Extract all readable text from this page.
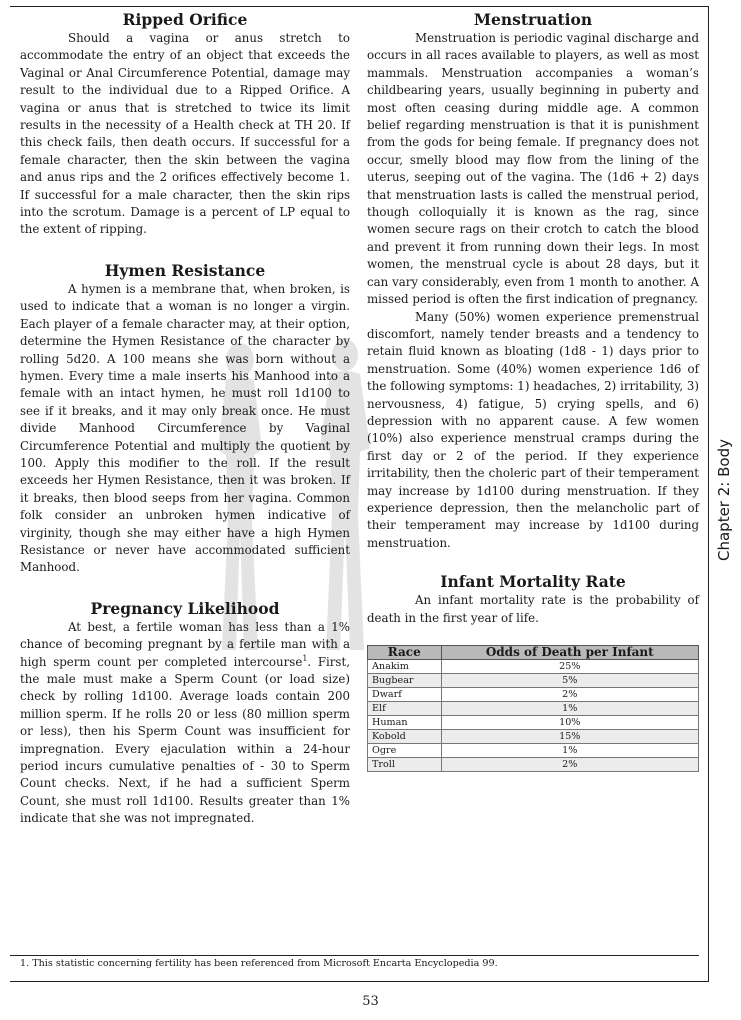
Ripped Orifice

Should a vagina or anus stretch to accommodate the entry of an object that exceeds the Vaginal or Anal Circumference Potential, damage may result to the individual due to a Ripped Orifice. A vagina or anus that is stretched to twice its limit results in the necessity of a Health check at TH 20. If this check fails, then death occurs. If successful for a female character, then the skin between the vagina and anus rips and the 2 orifices effectively become 1. If successful for a male character, then the skin rips into the scrotum. Damage is a percent of LP equal to the extent of ripping.

Hymen Resistance

A hymen is a membrane that, when broken, is used to indicate that a woman is no longer a virgin. Each player of a female character may, at their option, determine the Hymen Resistance of the character by rolling 5d20. A 100 means she was born without a hymen. Every time a male inserts his Manhood into a female with an intact hymen, he must roll 1d100 to see if it breaks, and it may only break once. He must divide Manhood Circumference by Vaginal Circumference Potential and multiply the quotient by 100. Apply this modifier to the roll. If the result exceeds her Hymen Resistance, then it was broken. If it breaks, then blood seeps from her vagina. Common folk consider an unbroken hymen indicative of virginity, though she may either have a high Hymen Resistance or never have accommodated sufficient Manhood.

Pregnancy Likelihood

At best, a fertile woman has less than a 1% chance of becoming pregnant by a fertile man with a high sperm count per completed intercourse$^1$. First, the male must make a Sperm Count (or load size) check by rolling 1d100. Average loads contain 200 million sperm. If he rolls 20 or less (80 million sperm or less), then his Sperm Count was insufficient for impregnation. Every ejaculation within a 24-hour period incurs cumulative penalties of - 30 to Sperm Count checks. Next, if he had a sufficient Sperm Count, she must roll 1d100. Results greater than 1% indicate that she was not impregnated.

Menstruation

Menstruation is periodic vaginal discharge and occurs in all races available to players, as well as most mammals. Menstruation accompanies a woman’s childbearing years, usually beginning in puberty and most often ceasing during middle age. A common belief regarding menstruation is that it is punishment from the gods for being female. If pregnancy does not occur, smelly blood may flow from the lining of the uterus, seeping out of the vagina. The (1d6 + 2) days that menstruation lasts is called the menstrual period, though colloquially it is known as the rag, since women secure rags on their crotch to catch the blood and prevent it from running down their legs. In most women, the menstrual cycle is about 28 days, but it can vary considerably, even from 1 month to another. A missed period is often the first indication of pregnancy.

Many (50%) women experience premenstrual discomfort, namely tender breasts and a tendency to retain fluid known as bloating (1d8 - 1) days prior to menstruation. Some (40%) women experience 1d6 of the following symptoms: 1) headaches, 2) irritability, 3) nervousness, 4) fatigue, 5) crying spells, and 6) depression with no apparent cause. A few women (10%) also experience menstrual cramps during the first day or 2 of the period. If they experience irritability, then the choleric part of their temperament may increase by 1d100 during menstruation. If they experience depression, then the melancholic part of their temperament may increase by 1d100 during menstruation.

Infant Mortality Rate

An infant mortality rate is the probability of death in the first year of life.

Race	Odds of Death per Infant
Anakim	25%
Bugbear	5%
Dwarf	2%
Elf	1%
Human	10%
Kobold	15%
Ogre	1%
Troll	2%
Chapter 2: Body
1. This statistic concerning fertility has been referenced from Microsoft Encarta Encyclopedia 99.
53
